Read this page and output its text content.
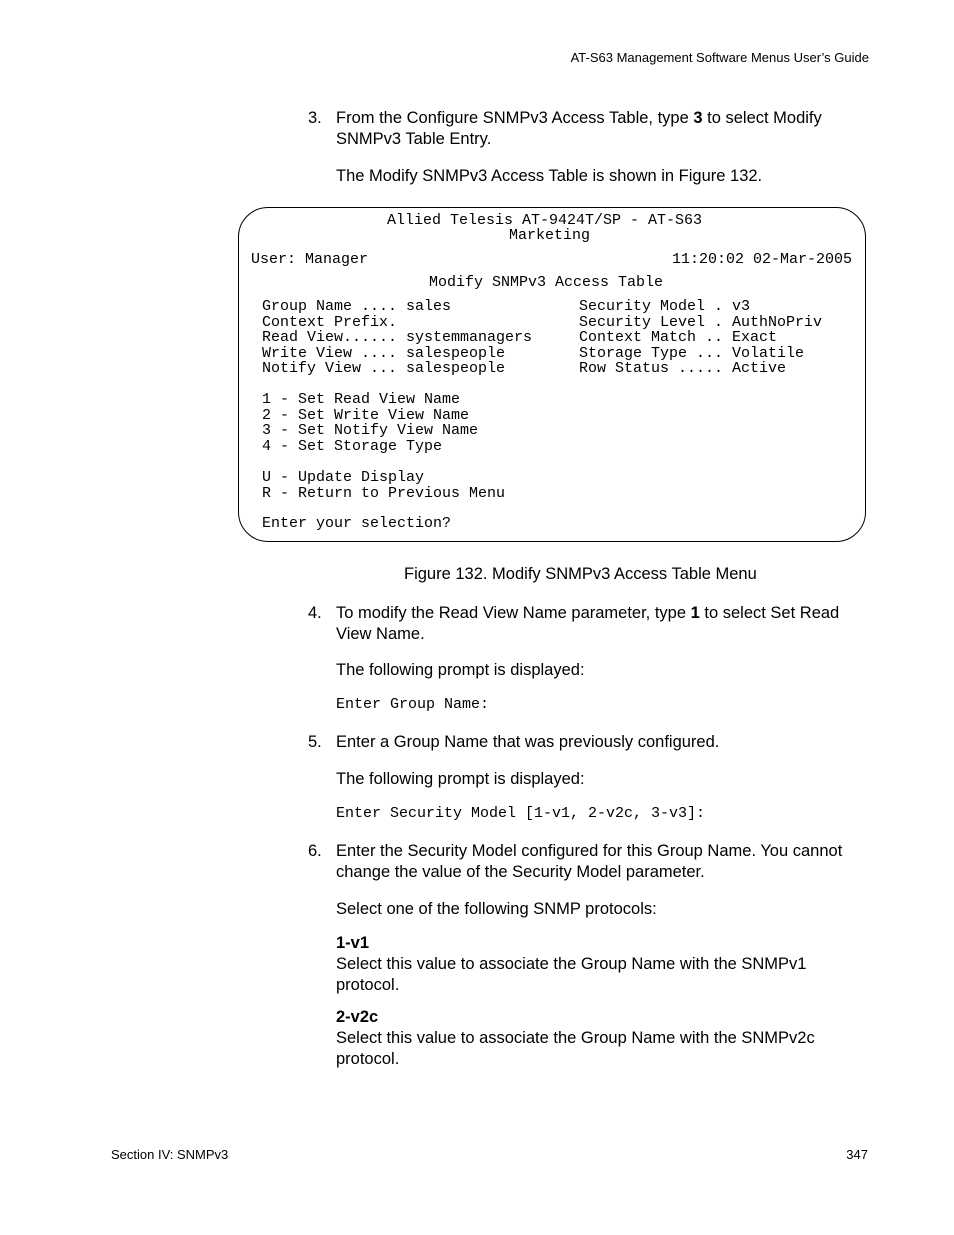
AT-S63 Management Software Menus User’s Guide
3. From the Configure SNMPv3 Access Table, type 3 to select Modify
SNMPv3 Table Entry.
The Modify SNMPv3 Access Table is shown in Figure 132.
Allied Telesis AT-9424T/SP - AT-S63
Marketing
User: Manager	11:20:02 02-Mar-2005
Modify SNMPv3 Access Table
Group Name .... sales
Context Prefix.
Read View...... systemmanagers
Write View .... salespeople
Notify View ... salespeople
Security Model . v3
Security Level . AuthNoPriv
Context Match .. Exact
Storage Type ... Volatile
Row Status ..... Active
1 - Set Read View Name
2 - Set Write View Name
3 - Set Notify View Name
4 - Set Storage Type
U - Update Display
R - Return to Previous Menu
Enter your selection?
Figure 132. Modify SNMPv3 Access Table Menu
4. To modify the Read View Name parameter, type 1 to select Set Read
View Name.
The following prompt is displayed:
Enter Group Name:
5. Enter a Group Name that was previously configured.
The following prompt is displayed:
Enter Security Model [1-v1, 2-v2c, 3-v3]:
6. Enter the Security Model configured for this Group Name. You cannot
change the value of the Security Model parameter.
Select one of the following SNMP protocols:
1-v1
Select this value to associate the Group Name with the SNMPv1
protocol.
2-v2c
Select this value to associate the Group Name with the SNMPv2c
protocol.
Section IV: SNMPv3	347
